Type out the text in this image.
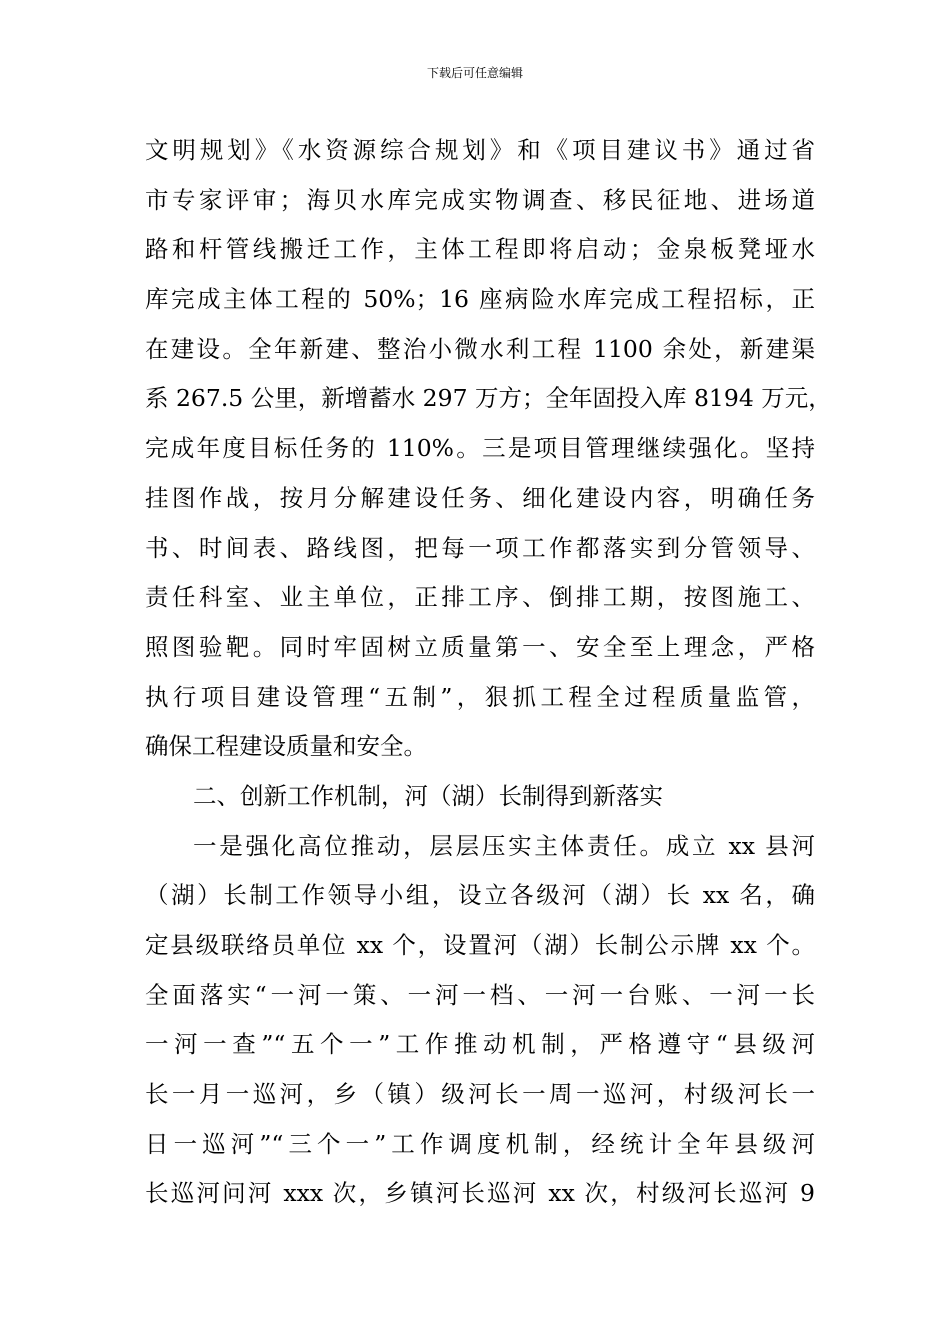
下载后可任意编辑
文明规划》《水资源综合规划》和《项目建议书》通过省
市专家评审；海贝水库完成实物调查、移民征地、进场道
路和杆管线搬迁工作，主体工程即将启动；金泉板凳垭水
库完成主体工程的 50%；16 座病险水库完成工程招标，正
在建设。全年新建、整治小微水利工程 1100 余处，新建渠
系 267.5 公里，新增蓄水 297 万方；全年固投入库 8194 万元，
完成年度目标任务的 110%。三是项目管理继续强化。坚持
挂图作战，按月分解建设任务、细化建设内容，明确任务
书、时间表、路线图，把每一项工作都落实到分管领导、
责任科室、业主单位，正排工序、倒排工期，按图施工、
照图验靶。同时牢固树立质量第一、安全至上理念，严格
执行项目建设管理“五制”，狠抓工程全过程质量监管，
确保工程建设质量和安全。
二、创新工作机制，河（湖）长制得到新落实
一是强化高位推动，层层压实主体责任。成立 xx 县河
（湖）长制工作领导小组，设立各级河（湖）长 xx 名，确
定县级联络员单位 xx 个，设置河（湖）长制公示牌 xx 个。
全面落实“一河一策、一河一档、一河一台账、一河一长
一河一查”“五个一”工作推动机制，严格遵守“县级河
长一月一巡河，乡（镇）级河长一周一巡河，村级河长一
日一巡河”“三个一”工作调度机制，经统计全年县级河
长巡河问河 xxx 次，乡镇河长巡河 xx 次，村级河长巡河 9
